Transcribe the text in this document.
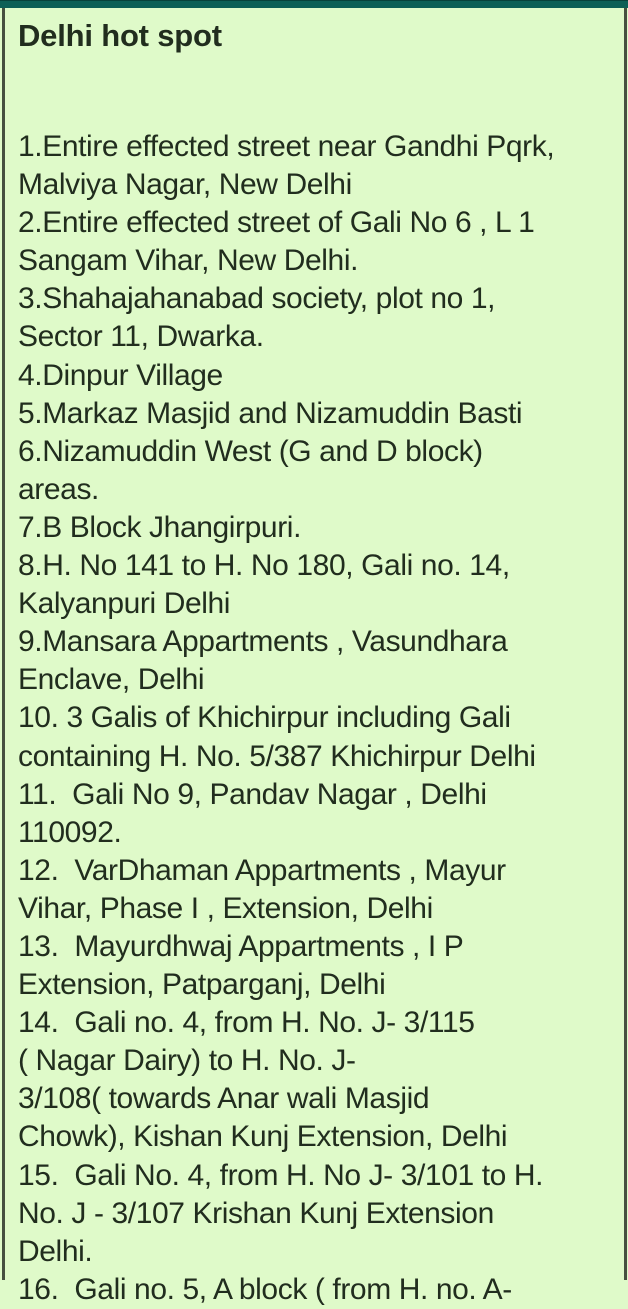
Delhi hot spot
1.Entire effected street near Gandhi Pqrk,
Malviya Nagar, New Delhi
2.Entire effected street of Gali No 6 , L 1
Sangam Vihar, New Delhi.
3.Shahajahanabad society, plot no 1,
Sector 11, Dwarka.
4.Dinpur Village
5.Markaz Masjid and Nizamuddin Basti
6.Nizamuddin West (G and D block)
areas.
7.B Block Jhangirpuri.
8.H. No 141 to H. No 180, Gali no. 14,
Kalyanpuri Delhi
9.Mansara Appartments , Vasundhara
Enclave, Delhi
10. 3 Galis of Khichirpur including Gali
containing H. No. 5/387 Khichirpur Delhi
11.  Gali No 9, Pandav Nagar , Delhi
110092.
12.  VarDhaman Appartments , Mayur
Vihar, Phase I , Extension, Delhi
13.  Mayurdhwaj Appartments , I P
Extension, Patparganj, Delhi
14.  Gali no. 4, from H. No. J- 3/115
( Nagar Dairy) to H. No. J-
3/108( towards Anar wali Masjid
Chowk), Kishan Kunj Extension, Delhi
15.  Gali No. 4, from H. No J- 3/101 to H.
No. J - 3/107 Krishan Kunj Extension
Delhi.
16.  Gali no. 5, A block ( from H. no. A-
